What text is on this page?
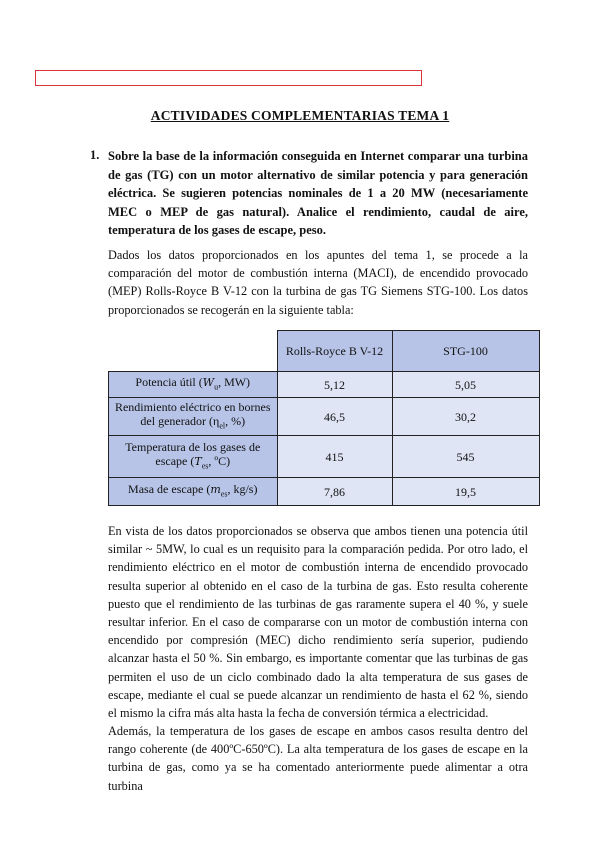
ACTIVIDADES COMPLEMENTARIAS TEMA 1
1. Sobre la base de la información conseguida en Internet comparar una turbina de gas (TG) con un motor alternativo de similar potencia y para generación eléctrica. Se sugieren potencias nominales de 1 a 20 MW (necesariamente MEC o MEP de gas natural). Analice el rendimiento, caudal de aire, temperatura de los gases de escape, peso.
Dados los datos proporcionados en los apuntes del tema 1, se procede a la comparación del motor de combustión interna (MACI), de encendido provocado (MEP) Rolls-Royce B V-12 con la turbina de gas TG Siemens STG-100. Los datos proporcionados se recogerán en la siguiente tabla:
	Rolls-Royce B V-12	STG-100
Potencia útil ($W_u$, MW)	5,12	5,05
Rendimiento eléctrico en bornes del generador ($\eta_{el}$, %)	46,5	30,2
Temperatura de los gases de escape ($T_{es}$, ºC)	415	545
Masa de escape ($m_{es}$, kg/s)	7,86	19,5
En vista de los datos proporcionados se observa que ambos tienen una potencia útil similar ~ 5MW, lo cual es un requisito para la comparación pedida. Por otro lado, el rendimiento eléctrico en el motor de combustión interna de encendido provocado resulta superior al obtenido en el caso de la turbina de gas. Esto resulta coherente puesto que el rendimiento de las turbinas de gas raramente supera el 40 %, y suele resultar inferior. En el caso de compararse con un motor de combustión interna con encendido por compresión (MEC) dicho rendimiento sería superior, pudiendo alcanzar hasta el 50 %. Sin embargo, es importante comentar que las turbinas de gas permiten el uso de un ciclo combinado dado la alta temperatura de sus gases de escape, mediante el cual se puede alcanzar un rendimiento de hasta el 62 %, siendo el mismo la cifra más alta hasta la fecha de conversión térmica a electricidad.
Además, la temperatura de los gases de escape en ambos casos resulta dentro del rango coherente (de 400ºC-650ºC). La alta temperatura de los gases de escape en la turbina de gas, como ya se ha comentado anteriormente puede alimentar a otra turbina
